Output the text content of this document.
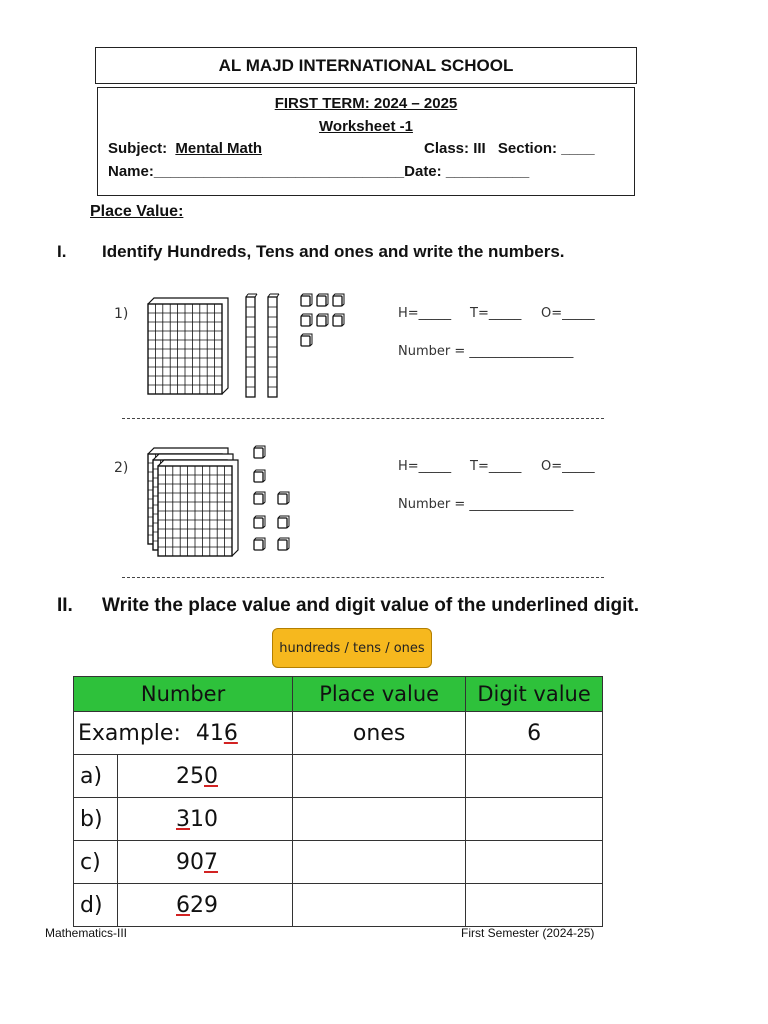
AL MAJD INTERNATIONAL SCHOOL
FIRST TERM: 2024 – 2025
Worksheet -1
Subject: Mental Math	Class: III Section: ____
Name:______________________________Date: __________
Place Value:
I. Identify Hundreds, Tens and ones and write the numbers.
1)	H=_____ T=_____ O=_____
Number = ________________
2)	H=_____ T=_____ O=_____
Number = ________________
II. Write the place value and digit value of the underlined digit.
hundreds / tens / ones
Number		Place value	Digit value
Example: 416		ones	6
a)	250		
b)	310		
c)	907		
d)	629		
Mathematics-III	First Semester (2024-25)
